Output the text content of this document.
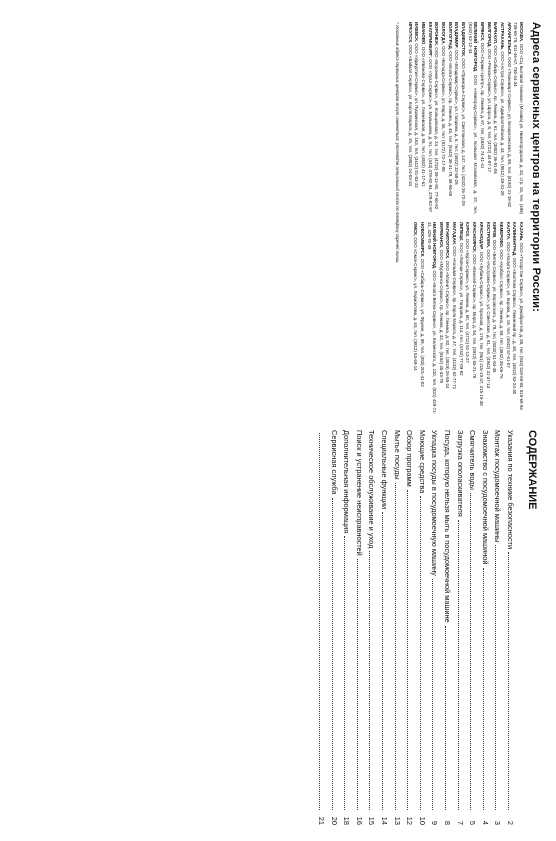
Адреса сервисных центров на территории России:
МОСКВА, ООО «СЦ Бытовая техника» (Москва) ул. Нижегородская, д. 32, стр. 15, тел. (495) 739-65-79, 911-46-67, 730-44-34
АРХАНГЕЛЬСК, ООО «Техномарт-Сервис», ул. Воскресенская, д. 99, тел. (8182) 21-18-82
АСТРАХАНЬ, ООО «Астра-Сервис», ул. Адмиралтейская, д. 43, тел. (8512) 39-31-28
БАРНАУЛ, ООО «Сибирь-Сервис», пр. Ленина, д. 61, тел. (3852) 36-81-06
БЕЛГОРОД, ООО «Регион-Сервис», ул. Щорса, д. 8, тел. (4722) 34-87-17
БРЯНСК, ООО «Сервис-Центр», пр. Ленина, д. 67, тел. (4832) 74-41-41
ВЕЛИКИЙ НОВГОРОД, ООО «Новгород-Сервис», ул. Большая Московская, д. 37, тел. (8162) 62-12-43
ВЛАДИВОСТОК, ООО «Приморье-Сервис», ул. Светланская, д. 147, тел. (4232) 26-72-29
ВЛАДИМИР, ООО «Владимир-Сервис», ул. Гагарина, д. 5, тел. (4922) 32-58-28
ВОЛГОГРАД, ООО «Волга-Сервис», пр. Ленина, д. 45, тел. (8442) 38-31-79, 38-86-60
ВОЛОГДА, ООО «Вологда-Сервис», ул. Мира, д. 36, тел. (8172) 72-17-85
ВОРОНЕЖ, ООО «Воронеж-Сервис», ул. Кольцовская, д. 24, тел. (4732) 39-12-92, 77-60-82
ЕКАТЕРИНБУРГ, ООО «Урал-Сервис», ул. Малышева, д. 51, тел. (343) 378-82-94, 378-82-97
ИВАНОВО, ООО «Иваново-Сервис», ул. Лежневская, д. 55, тел. (4932) 41-17-61
ИЖЕВСК, ООО «Удмуртия-Сервис», ул. Пушкинская, д. 163, тел. (3412) 51-03-22
ИРКУТСК, ООО «Байкал-Сервис», ул. Карла Маркса, д. 15, тел. (3952) 24-03-34
КАЗАНЬ, ООО «Татарстан-Сервис», ул. Декабристов, д. 85, тел. (843) 518-68-83, 518-68-84
КАЛИНИНГРАД, ООО «Балтика-Сервис», Ленинский пр., д. 30, тел. (4012) 53-24-30
КАЛУГА, ООО «Калуга-Сервис», ул. Кирова, д. 19, тел. (4842) 57-61-07
КЕМЕРОВО, ООО «Кузбасс-Сервис», пр. Ленина, д. 59, тел. (3842) 35-06-76
КИРОВ, ООО «Вятка-Сервис», ул. Воровского, д. 78, тел. (8332) 51-84-45
КОСТРОМА, ООО «Кострома-Сервис», ул. Советская, д. 81, тел. (4942) 31-37-13
КРАСНОДАР, ООО «Кубань-Сервис», ул. Красная, д. 176, тел. (861) 215-19-37, 215-19-38
КРАСНОЯРСК, ООО «Енисей-Сервис», пр. Мира, д. 94, тел. (3912) 65-21-78
КУРСК, ООО «Курск-Сервис», ул. Ленина, д. 60, тел. (4712) 51-13-27
ЛИПЕЦК, ООО «Липецк-Сервис», ул. Гагарина, д. 114, тел. (4742) 77-09-82
МАГАДАН, ООО «Колыма-Сервис», пр. Карла Маркса, д. 47, тел. (4132) 62-77-71
МАГНИТОГОРСК, ООО «Магнит-Сервис», пр. Ленина, д. 82, тел. (3519) 26-55-24
МУРМАНСК, ООО «Мурманск-Сервис», пр. Ленина, д. 32, тел. (8152) 45-33-78
НИЖНИЙ НОВГОРОД, ООО «Волго-Вятка-Сервис», ул. Белинского, д. 110, тел. (831) 428-71-31, 428-70-49
НОВОСИБИРСК, ООО «Сибирь-Сервис», ул. Фрунзе, д. 88, тел. (383) 201-41-02
ОМСК, ООО «Омск-Сервис», ул. Лермонтова, д. 63, тел. (3812) 53-69-14
* Указанные адреса сервисных центров могут изменяться; уточняйте актуальный список по телефону горячей линии.
СОДЕРЖАНИЕ
Указания по технике безопасности
2
Монтаж посудомоечной машины
3
Знакомство с посудомоечной машиной
4
Смягчитель воды
5
Загрузка ополаскивателя
7
Посуда, которую нельзя мыть в посудомоечной машине
8
Укладка посуды в посудомоечную машину
9
Моющие средства
10
Обзор программ
12
Мытье посуды
13
Специальные функции
14
Техническое обслуживание и уход
15
Поиск и устранение неисправностей
16
Дополнительная информация
18
Сервисная служба
20
21
